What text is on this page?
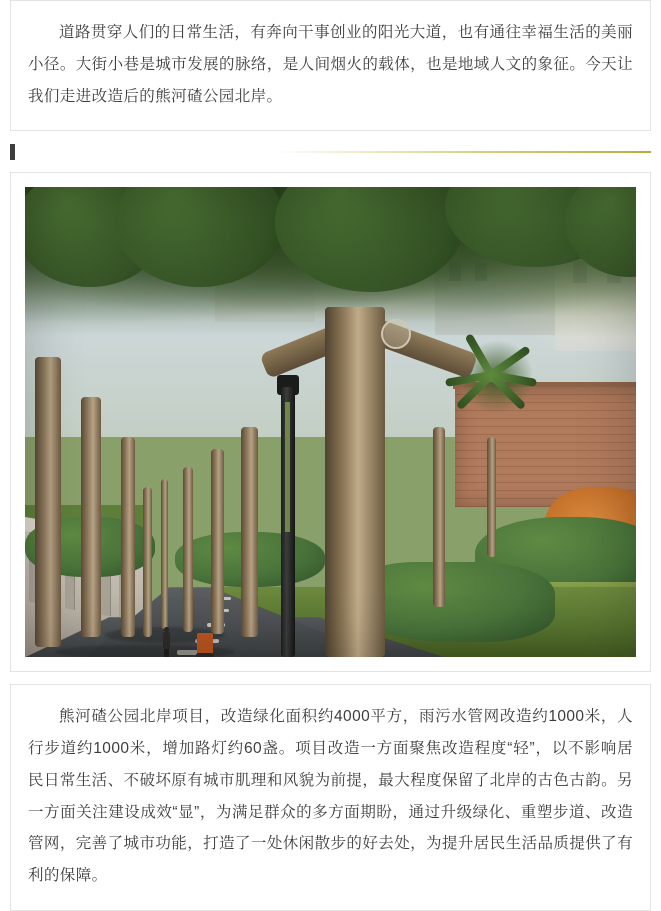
道路贯穿人们的日常生活，有奔向干事创业的阳光大道，也有通往幸福生活的美丽小径。大街小巷是城市发展的脉络，是人间烟火的载体，也是地域人文的象征。今天让我们走进改造后的熊河碴公园北岸。

熊河碴公园北岸项目，改造绿化面积约4000平方，雨污水管网改造约1000米，人行步道约1000米，增加路灯约60盏。项目改造一方面聚焦改造程度“轻”，以不影响居民日常生活、不破坏原有城市肌理和风貌为前提，最大程度保留了北岸的古色古韵。另一方面关注建设成效“显”，为满足群众的多方面期盼，通过升级绿化、重塑步道、改造管网，完善了城市功能，打造了一处休闲散步的好去处，为提升居民生活品质提供了有利的保障。
